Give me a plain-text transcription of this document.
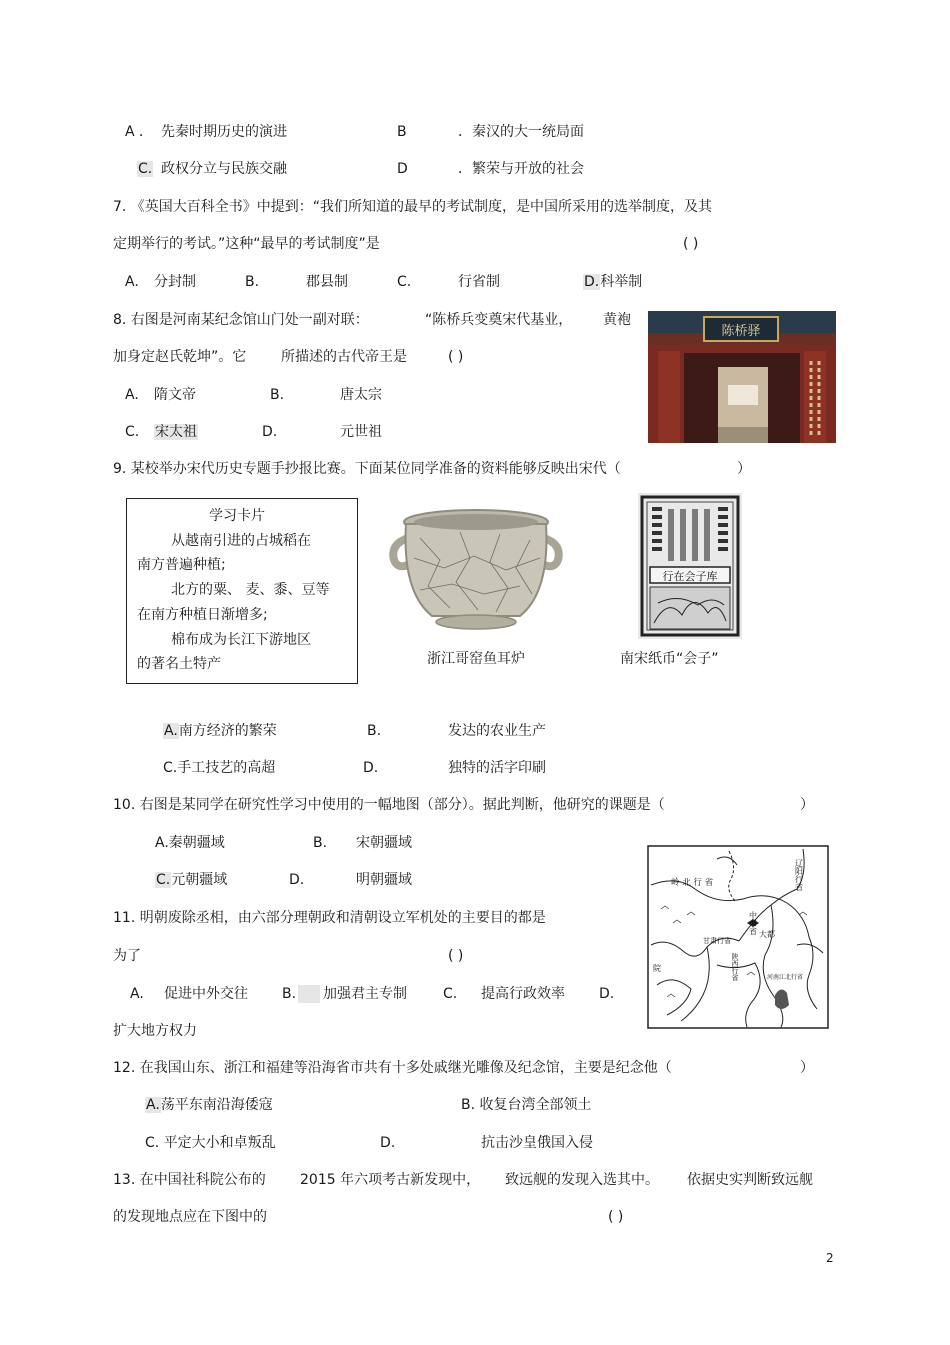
A ． 先秦时期历史的演进	B	．秦汉的大一统局面
C. 政权分立与民族交融	D	．繁荣与开放的社会
7. 《英国大百科全书》中提到：“我们所知道的最早的考试制度，是中国所采用的选举制度，及其
定期举行的考试。”这种“最早的考试制度”是	( )
A. 分封制	B.	郡县制	C.	行省制	D.科举制
8. 右图是河南某纪念馆山门处一副对联：	“陈桥兵变奠宋代基业， 黄袍
加身定赵氏乾坤”。它 所描述的古代帝王是	( )
A. 隋文帝	B.	唐太宗
C. 宋太祖	D.	元世祖
陈桥驿
9. 某校举办宋代历史专题手抄报比赛。下面某位同学准备的资料能够反映出宋代（	）
学习卡片
从越南引进的占城稻在
南方普遍种植;
北方的粟、 麦、黍、豆等
在南方种植日渐增多;
棉布成为长江下游地区
的著名土特产	浙江哥窑鱼耳炉
行在会子库
南宋纸币“会子”
A.南方经济的繁荣	B.	发达的农业生产
C.手工技艺的高超	D.	独特的活字印刷
10. 右图是某同学在研究性学习中使用的一幅地图（部分）。据此判断，他研究的课题是（	）
A.秦朝疆域	B. 宋朝疆域
C.元朝疆域	D.	明朝疆域	岭 北 行 省	辽阳行省
中书省 大都
甘肃行省
陕西行省	河南江北行省
院
11. 明朝废除丞相，由六部分理朝政和清朝设立军机处的主要目的都是
为了	( )
A. 促进中外交往 B. 加强君主专制	C. 提高行政效率 D.
扩大地方权力
12. 在我国山东、浙江和福建等沿海省市共有十多处戚继光雕像及纪念馆，主要是纪念他（	）
A.荡平东南沿海倭寇	B. 收复台湾全部领土
C. 平定大小和卓叛乱	D.	抗击沙皇俄国入侵
13. 在中国社科院公布的 2015 年六项考古新发现中， 致远舰的发现入选其中。 依据史实判断致远舰
的发现地点应在下图中的	( )
2
